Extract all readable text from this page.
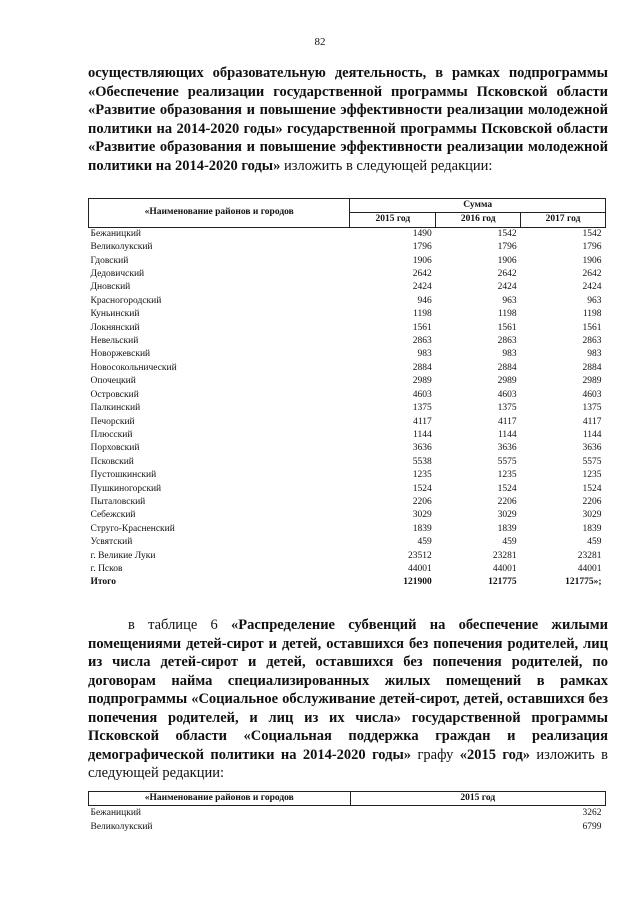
82
осуществляющих образовательную деятельность, в рамках подпрограммы «Обеспечение реализации государственной программы Псковской области «Развитие образования и повышение эффективности реализации молодежной политики на 2014-2020 годы» государственной программы Псковской области «Развитие образования и повышение эффективности реализации молодежной политики на 2014-2020 годы» изложить в следующей редакции:
«Наименование районов и городов	Сумма		
	2015 год	2016 год	2017 год
Бежаницкий	1490	1542	1542
Великолукский	1796	1796	1796
Гдовский	1906	1906	1906
Дедовичский	2642	2642	2642
Дновский	2424	2424	2424
Красногородский	946	963	963
Куньинский	1198	1198	1198
Локнянский	1561	1561	1561
Невельский	2863	2863	2863
Новоржевский	983	983	983
Новосокольнический	2884	2884	2884
Опочецкий	2989	2989	2989
Островский	4603	4603	4603
Палкинский	1375	1375	1375
Печорский	4117	4117	4117
Плюсский	1144	1144	1144
Порховский	3636	3636	3636
Псковский	5538	5575	5575
Пустошкинский	1235	1235	1235
Пушкиногорский	1524	1524	1524
Пыталовский	2206	2206	2206
Себежский	3029	3029	3029
Струго-Красненский	1839	1839	1839
Усвятский	459	459	459
г. Великие Луки	23512	23281	23281
г. Псков	44001	44001	44001
Итого	121900	121775	121775»;
в таблице 6 «Распределение субвенций на обеспечение жилыми помещениями детей-сирот и детей, оставшихся без попечения родителей, лиц из числа детей-сирот и детей, оставшихся без попечения родителей, по договорам найма специализированных жилых помещений в рамках подпрограммы «Социальное обслуживание детей-сирот, детей, оставшихся без попечения родителей, и лиц из их числа» государственной программы Псковской области «Социальная поддержка граждан и реализация демографической политики на 2014-2020 годы» графу «2015 год» изложить в следующей редакции:
«Наименование районов и городов	2015 год
Бежаницкий	3262
Великолукский	6799
